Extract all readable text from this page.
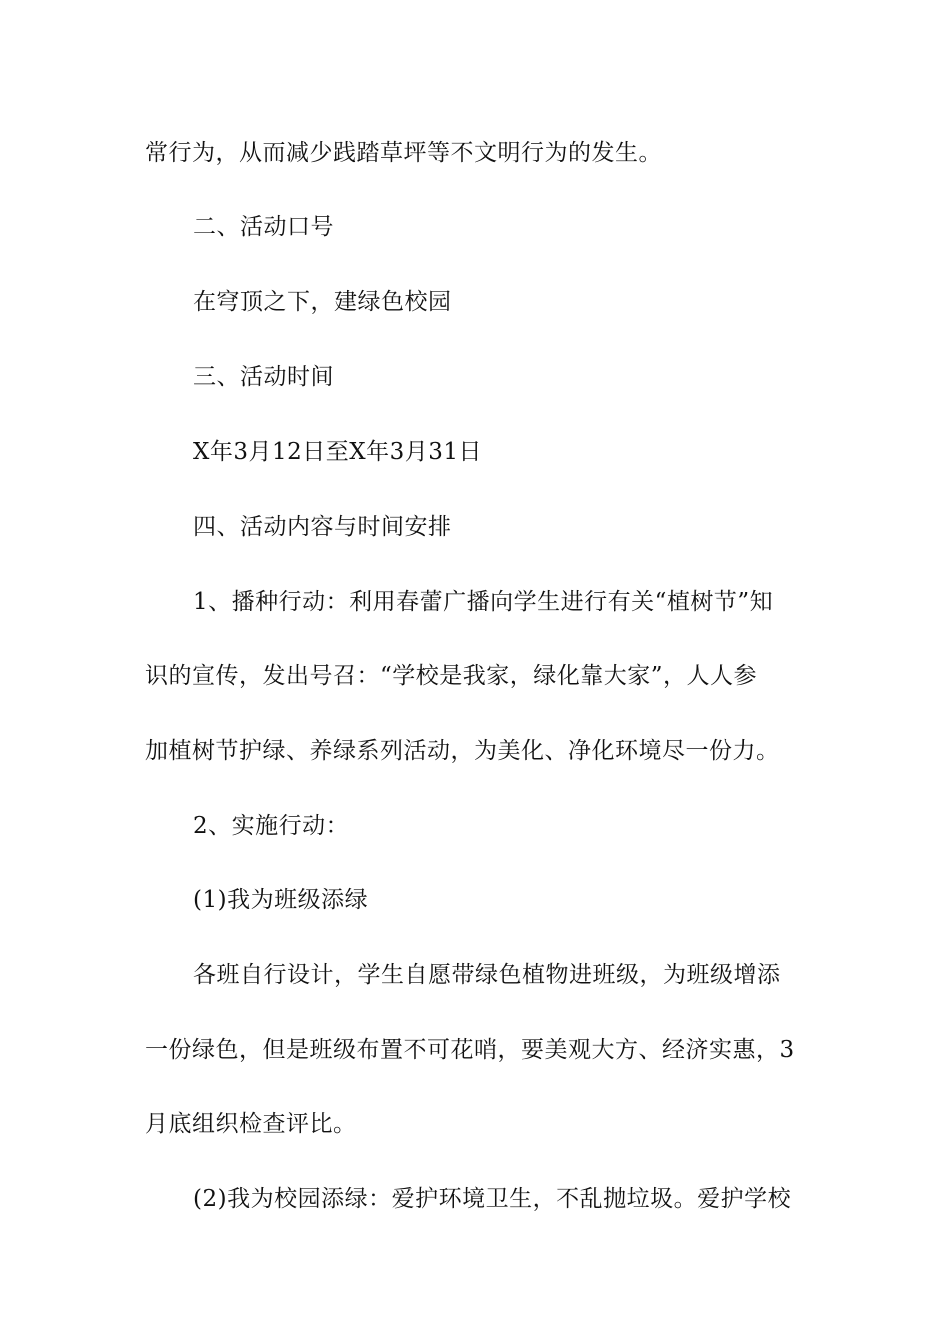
常行为，从而减少践踏草坪等不文明行为的发生。
二、活动口号
在穹顶之下，建绿色校园
三、活动时间
X年3月12日至X年3月31日
四、活动内容与时间安排
1、播种行动：利用春蕾广播向学生进行有关“植树节”知
识的宣传，发出号召：“学校是我家，绿化靠大家”，人人参
加植树节护绿、养绿系列活动，为美化、净化环境尽一份力。
2、实施行动：
(1)我为班级添绿
各班自行设计，学生自愿带绿色植物进班级，为班级增添
一份绿色，但是班级布置不可花哨，要美观大方、经济实惠，3
月底组织检查评比。
(2)我为校园添绿：爱护环境卫生，不乱抛垃圾。爱护学校
